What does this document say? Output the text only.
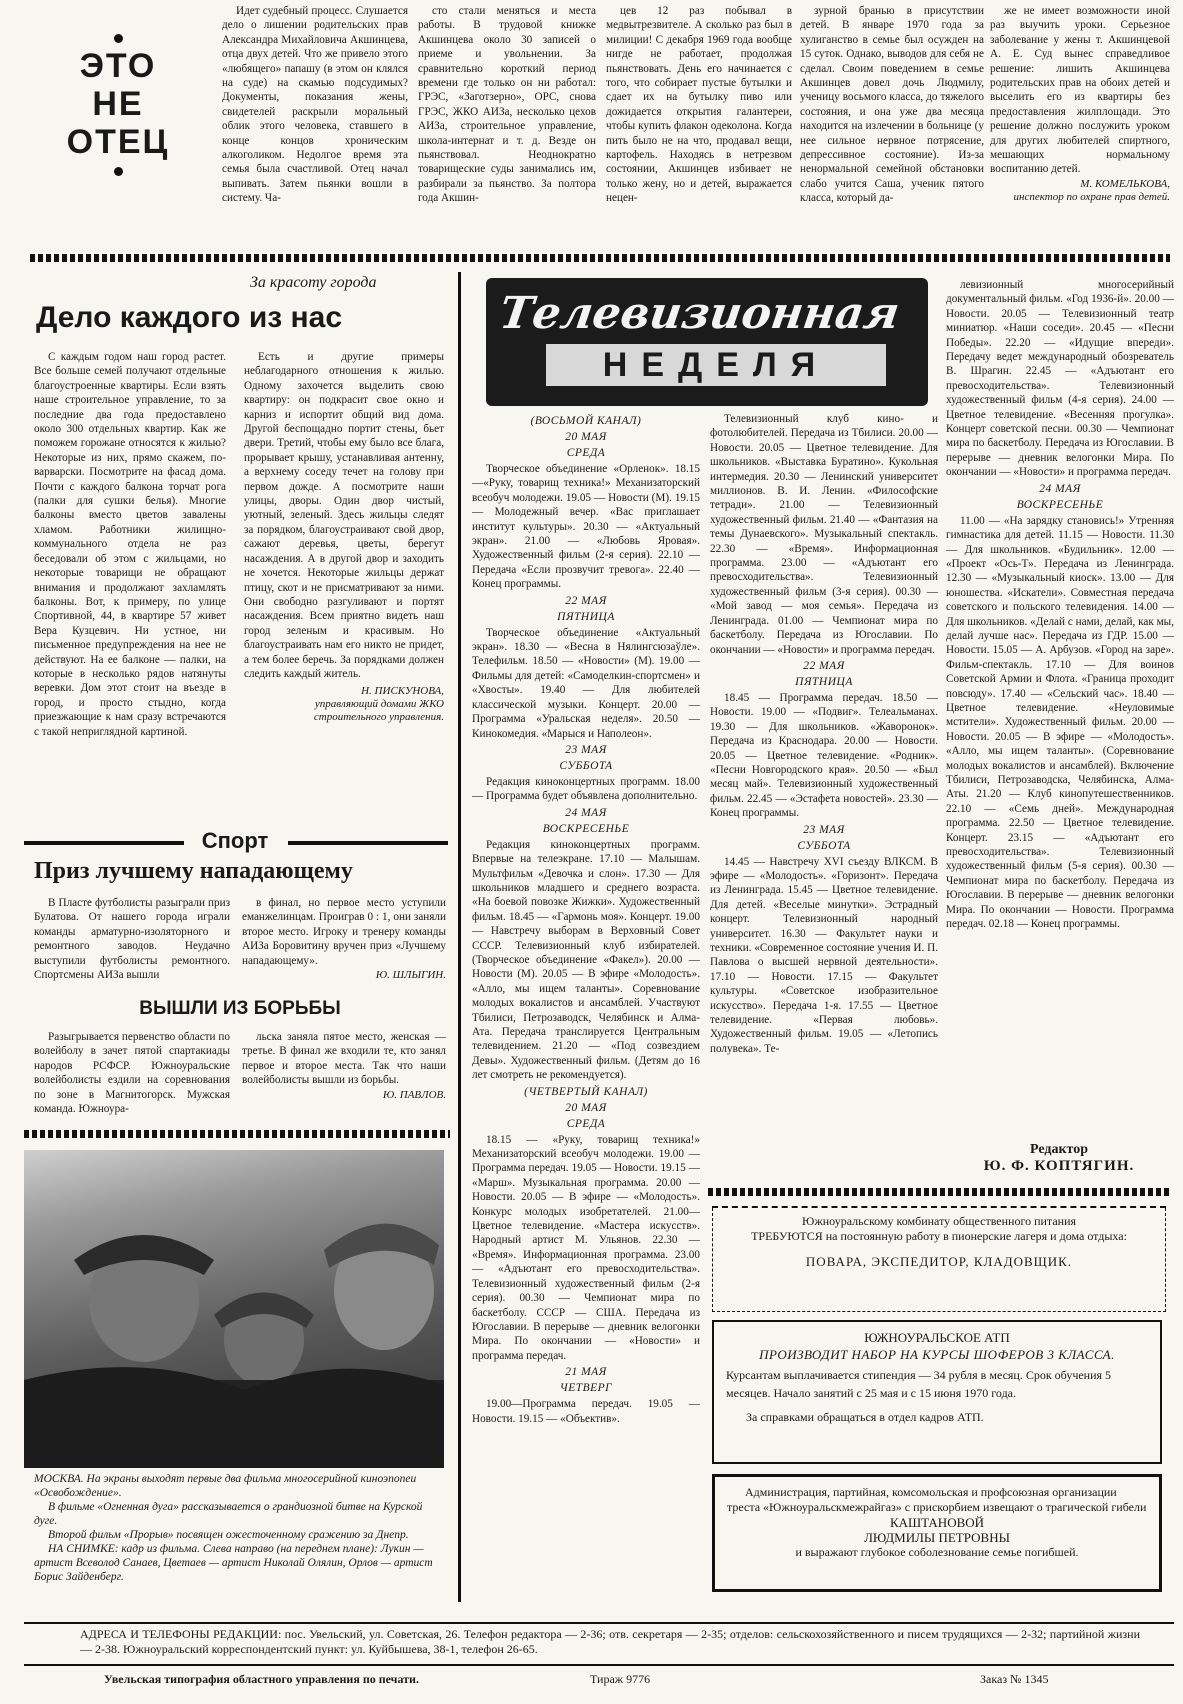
ЭТО
НЕ
ОТЕЦ

Идет судебный процесс. Слушается дело о лишении родительских прав Александра Михайловича Акшинцева, отца двух детей. Что же привело этого «любящего» папашу (в этом он клялся на суде) на скамью подсудимых? Документы, показания жены, свидетелей раскрыли моральный облик этого человека, ставшего в конце концов хроническим алкоголиком. Недолгое время эта семья была счастливой. Отец начал выпивать. Затем пьянки вошли в систему. Ча-

сто стали меняться и места работы. В трудовой книжке Акшинцева около 30 записей о приеме и увольнении. За сравнительно короткий период времени где только он ни работал: ГРЭС, «Заготзерно», ОРС, снова ГРЭС, ЖКО АИЗа, несколько цехов АИЗа, строительное управление, школа-интернат и т. д. Везде он пьянствовал. Неоднократно товарищеские суды занимались им, разбирали за пьянство. За полтора года Акшин-

цев 12 раз побывал в медвытрезвителе. А сколько раз был в милиции! С декабря 1969 года вообще нигде не работает, продолжая пьянствовать. День его начинается с того, что собирает пустые бутылки и сдает их на бутылку пиво или дожидается открытия галантереи, чтобы купить флакон одеколона. Когда пить было не на что, продавал вещи, картофель. Находясь в нетрезвом состоянии, Акшинцев избивает не только жену, но и детей, выражается нецен-

зурной бранью в присутствии детей. В январе 1970 года за хулиганство в семье был осужден на 15 суток. Однако, выводов для себя не сделал. Своим поведением в семье Акшинцев довел дочь Людмилу, ученицу восьмого класса, до тяжелого состояния, и она уже два месяца находится на излечении в больнице (у нее сильное нервное потрясение, депрессивное состояние). Из-за ненормальной семейной обстановки слабо учится Саша, ученик пятого класса, который да-

же не имеет возможности иной раз выучить уроки. Серьезное заболевание у жены т. Акшинцевой А. Е. Суд вынес справедливое решение: лишить Акшинцева родительских прав на обоих детей и выселить его из квартиры без предоставления жилплощади. Это решение должно послужить уроком для других любителей спиртного, мешающих нормальному воспитанию детей.

М. КОМЕЛЬКОВА,
инспектор по охране прав детей.
За красоту города
Дело каждого из нас

С каждым годом наш город растет. Все больше семей получают отдельные благоустроенные квартиры. Если взять наше строительное управление, то за последние два года предоставлено около 300 отдельных квартир. Как же поможем горожане относятся к жилью? Некоторые из них, прямо скажем, по-варварски. Посмотрите на фасад дома. Почти с каждого балкона торчат рога (палки для сушки белья). Многие балконы вместо цветов завалены хламом. Работники жилищно-коммунального отдела не раз беседовали об этом с жильцами, но некоторые товарищи не обращают внимания и продолжают захламлять балконы. Вот, к примеру, по улице Спортивной, 44, в квартире 57 живет Вера Кузцевич. Ни устное, ни письменное предупреждения на нее не действуют. На ее балконе — палки, на которые в несколько рядов натянуты веревки. Дом этот стоит на въезде в город, и просто стыдно, когда приезжающие к нам сразу встречаются с такой неприглядной картиной.

Есть и другие примеры неблагодарного отношения к жилью. Одному захочется выделить свою квартиру: он подкрасит свое окно и карниз и испортит общий вид дома. Другой беспощадно портит стены, бьет двери. Третий, чтобы ему было все блага, прорывает крышу, устанавливая антенну, а верхнему соседу течет на голову при первом дожде. А посмотрите наши улицы, дворы. Один двор чистый, уютный, зеленый. Здесь жильцы следят за порядком, благоустраивают свой двор, сажают деревья, цветы, берегут насаждения. А в другой двор и заходить не хочется. Некоторые жильцы держат птицу, скот и не присматривают за ними. Они свободно разгуливают и портят насаждения. Всем приятно видеть наш город зеленым и красивым. Но благоустраивать нам его никто не придет, а тем более беречь. За порядками должен следить каждый житель.

Н. ПИСКУНОВА,
управляющий домами ЖКО строительного управления.
Спорт
Приз лучшему нападающему

В Пласте футболисты разыграли приз Булатова. От нашего города играли команды арматурно-изоляторного и ремонтного заводов. Неудачно выступили футболисты ремонтного. Спортсмены АИЗа вышли

в финал, но первое место уступили еманжелинцам. Проиграв 0 : 1, они заняли второе место. Игроку и тренеру команды АИЗа Боровитину вручен приз «Лучшему нападающему».

Ю. ШЛЫГИН.
ВЫШЛИ ИЗ БОРЬБЫ

Разыгрывается первенство области по волейболу в зачет пятой спартакиады народов РСФСР. Южноуральские волейболисты ездили на соревнования по зоне в Магнитогорск. Мужская команда. Южноура-

льска заняла пятое место, женская — третье. В финал же входили те, кто занял первое и второе места. Так что наши волейболисты вышли из борьбы.

Ю. ПАВЛОВ.
МОСКВА. На экраны выходят первые два фильма многосерийной киноэпопеи «Освобождение».
В фильме «Огненная дуга» рассказывается о грандиозной битве на Курской дуге.
Второй фильм «Прорыв» посвящен ожесточенному сражению за Днепр.
НА СНИМКЕ: кадр из фильма. Слева направо (на переднем плане): Лукин — артист Всеволод Санаев, Цветаев — артист Николай Олялин, Орлов — артист Борис Зайденберг.
Телевизионная
НЕДЕЛЯ
(ВОСЬМОЙ КАНАЛ)
20 МАЯ
СРЕДА
Творческое объединение «Орленок». 18.15—«Руку, товарищ техника!» Механизаторский всеобуч молодежи. 19.05 — Новости (М). 19.15 — Молодежный вечер. «Вас приглашает институт культуры». 20.30 — «Актуальный экран». 21.00 — «Любовь Яровая». Художественный фильм (2-я серия). 22.10 — Передача «Если прозвучит тревога». 22.40 — Конец программы.
22 МАЯ
ПЯТНИЦА
Творческое объединение «Актуальный экран». 18.30 — «Весна в Нялингсюзаўле». Телефильм. 18.50 — «Новости» (М). 19.00 — Фильмы для детей: «Самоделкин-спортсмен» и «Хвосты». 19.40 — Для любителей классической музыки. Концерт. 20.00 — Программа «Уральская неделя». 20.50 — Кинокомедия. «Марыся и Наполеон».
23 МАЯ
СУББОТА
Редакция киноконцертных программ. 18.00 — Программа будет объявлена дополнительно.
24 МАЯ
ВОСКРЕСЕНЬЕ
Редакция киноконцертных программ. Впервые на телеэкране. 17.10 — Малышам. Мультфильм «Девочка и слон». 17.30 — Для школьников младшего и среднего возраста. «На боевой повозке Жижки». Художественный фильм. 18.45 — «Гармонь моя». Концерт. 19.00 — Навстречу выборам в Верховный Совет СССР. Телевизионный клуб избирателей. (Творческое объединение «Факел»). 20.00 — Новости (М). 20.05 — В эфире «Молодость». «Алло, мы ищем таланты». Соревнование молодых вокалистов и ансамблей. Участвуют Тбилиси, Петрозаводск, Челябинск и Алма-Ата. Передача транслируется Центральным телевидением. 21.20 — «Под созвездием Девы». Художественный фильм. (Детям до 16 лет смотреть не рекомендуется).
(ЧЕТВЕРТЫЙ КАНАЛ)
20 МАЯ
СРЕДА
18.15 — «Руку, товарищ техника!» Механизаторский всеобуч молодежи. 19.00 — Программа передач. 19.05 — Новости. 19.15 — «Марш». Музыкальная программа. 20.00 — Новости. 20.05 — В эфире — «Молодость». Конкурс молодых изобретателей. 21.00—Цветное телевидение. «Мастера искусств». Народный артист М. Ульянов. 22.30 — «Время». Информационная программа. 23.00 — «Адъютант его превосходительства». Телевизионный художественный фильм (2-я серия). 00.30 — Чемпионат мира по баскетболу. СССР — США. Передача из Югославии. В перерыве — дневник велогонки Мира. По окончании — «Новости» и программа передач.
21 МАЯ
ЧЕТВЕРГ
19.00—Программа передач. 19.05 — Новости. 19.15 — «Объектив».
Телевизионный клуб кино- и фотолюбителей. Передача из Тбилиси. 20.00 — Новости. 20.05 — Цветное телевидение. Для школьников. «Выставка Буратино». Кукольная интермедия. 20.30 — Ленинский университет миллионов. В. И. Ленин. «Философские тетради». 21.00 — Телевизионный художественный фильм. 21.40 — «Фантазия на темы Дунаевского». Музыкальный спектакль. 22.30 — «Время». Информационная программа. 23.00 — «Адъютант его превосходительства». Телевизионный художественный фильм (3-я серия). 00.30 — «Мой завод — моя семья». Передача из Ленинграда. 01.00 — Чемпионат мира по баскетболу. Передача из Югославии. По окончании — «Новости» и программа передач.
22 МАЯ
ПЯТНИЦА
18.45 — Программа передач. 18.50 — Новости. 19.00 — «Подвиг». Телеальманах. 19.30 — Для школьников. «Жаворонок». Передача из Краснодара. 20.00 — Новости. 20.05 — Цветное телевидение. «Родник». «Песни Новгородского края». 20.50 — «Был месяц май». Телевизионный художественный фильм. 22.45 — «Эстафета новостей». 23.30 — Конец программы.
23 МАЯ
СУББОТА
14.45 — Навстречу XVI съезду ВЛКСМ. В эфире — «Молодость». «Горизонт». Передача из Ленинграда. 15.45 — Цветное телевидение. Для детей. «Веселые минутки». Эстрадный концерт. Телевизионный народный университет. 16.30 — Факультет науки и техники. «Современное состояние учения И. П. Павлова о высшей нервной деятельности». 17.10 — Новости. 17.15 — Факультет культуры. «Советское изобразительное искусство». Передача 1-я. 17.55 — Цветное телевидение. «Первая любовь». Художественный фильм. 19.05 — «Летопись полувека». Те-
левизионный многосерийный документальный фильм. «Год 1936-й». 20.00 — Новости. 20.05 — Телевизионный театр миниатюр. «Наши соседи». 20.45 — «Песни Победы». 22.20 — «Идущие впереди». Передачу ведет международный обозреватель В. Шрагин. 22.45 — «Адъютант его превосходительства». Телевизионный художественный фильм (4-я серия). 24.00 — Цветное телевидение. «Весенняя прогулка». Концерт советской песни. 00.30 — Чемпионат мира по баскетболу. Передача из Югославии. В перерыве — дневник велогонки Мира. По окончании — «Новости» и программа передач.
24 МАЯ
ВОСКРЕСЕНЬЕ
11.00 — «На зарядку становись!» Утренняя гимнастика для детей. 11.15 — Новости. 11.30 — Для школьников. «Будильник». 12.00 — «Проект «Ось-Т». Передача из Ленинграда. 12.30 — «Музыкальный киоск». 13.00 — Для юношества. «Искатели». Совместная передача советского и польского телевидения. 14.00 — Для школьников. «Делай с нами, делай, как мы, делай лучше нас». Передача из ГДР. 15.00 — Новости. 15.05 — А. Арбузов. «Город на заре». Фильм-спектакль. 17.10 — Для воинов Советской Армии и Флота. «Граница проходит повсюду». 17.40 — «Сельский час». 18.40 — Цветное телевидение. «Неуловимые мстители». Художественный фильм. 20.00 — Новости. 20.05 — В эфире — «Молодость». «Алло, мы ищем таланты». (Соревнование молодых вокалистов и ансамблей). Включение Тбилиси, Петрозаводска, Челябинска, Алма-Аты. 21.20 — Клуб кинопутешественников. 22.10 — «Семь дней». Международная программа. 22.50 — Цветное телевидение. Концерт. 23.15 — «Адъютант его превосходительства». Телевизионный художественный фильм (5-я серия). 00.30 — Чемпионат мира по баскетболу. Передача из Югославии. В перерыве — дневник велогонки Мира. По окончании — Новости. Программа передач. 02.18 — Конец программы.
Редактор
Ю. Ф. КОПТЯГИН.
Южноуральскому комбинату общественного питания
ТРЕБУЮТСЯ на постоянную работу в пионерские лагеря и дома отдыха:
ПОВАРА, ЭКСПЕДИТОР, КЛАДОВЩИК.
ЮЖНОУРАЛЬСКОЕ АТП
ПРОИЗВОДИТ НАБОР НА КУРСЫ ШОФЕРОВ 3 КЛАССА.
Курсантам выплачивается стипендия — 34 рубля в месяц. Срок обучения 5 месяцев. Начало занятий с 25 мая и с 15 июня 1970 года.
За справками обращаться в отдел кадров АТП.
Администрация, партийная, комсомольская и профсоюзная организации треста «Южноуральскмежрайгаз» с прискорбием извещают о трагической гибели
КАШТАНОВОЙ
ЛЮДМИЛЫ ПЕТРОВНЫ
и выражают глубокое соболезнование семье погибшей.
АДРЕСА И ТЕЛЕФОНЫ РЕДАКЦИИ: пос. Увельский, ул. Советская, 26. Телефон редактора — 2-36; отв. секретаря — 2-35; отделов: сельскохозяйственного и писем трудящихся — 2-32; партийной жизни — 2-38. Южноуральский корреспондентский пункт: ул. Куйбышева, 38-1, телефон 26-65.
Увельская типография областного управления по печати.	Тираж 9776	Заказ № 1345
